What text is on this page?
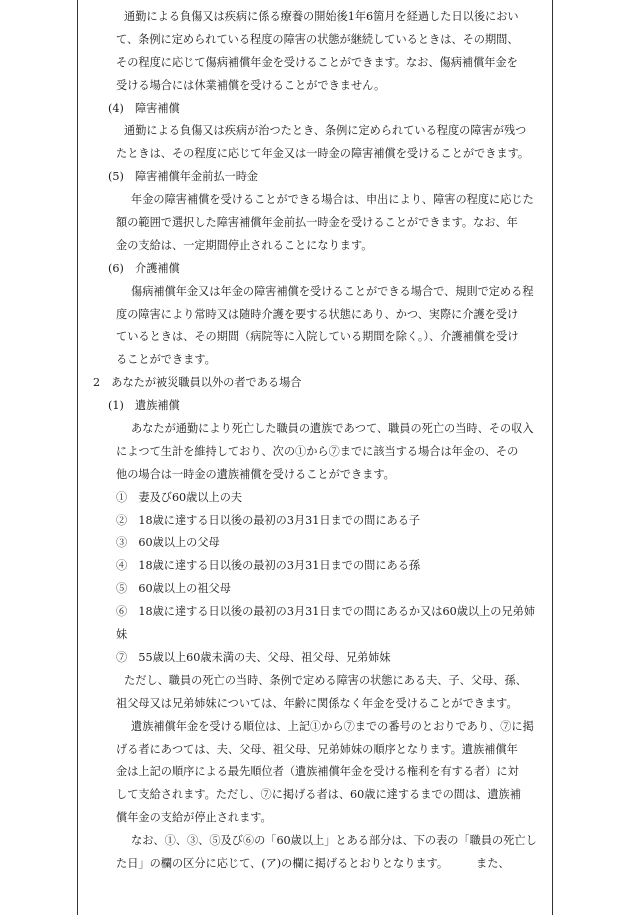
通勤による負傷又は疾病に係る療養の開始後1年6箇月を経過した日以後におい
て、条例に定められている程度の障害の状態が継続しているときは、その期間、
その程度に応じて傷病補償年金を受けることができます。なお、傷病補償年金を
受ける場合には休業補償を受けることができません。
(4)　障害補償
通勤による負傷又は疾病が治つたとき、条例に定められている程度の障害が残つ
たときは、その程度に応じて年金又は一時金の障害補償を受けることができます。
(5)　障害補償年金前払一時金
年金の障害補償を受けることができる場合は、申出により、障害の程度に応じた
額の範囲で選択した障害補償年金前払一時金を受けることができます。なお、年
金の支給は、一定期間停止されることになります。
(6)　介護補償
傷病補償年金又は年金の障害補償を受けることができる場合で、規則で定める程
度の障害により常時又は随時介護を要する状態にあり、かつ、実際に介護を受け
ているときは、その期間（病院等に入院している期間を除く。）、介護補償を受け
ることができます。
2　あなたが被災職員以外の者である場合
(1)　遺族補償
あなたが通勤により死亡した職員の遺族であつて、職員の死亡の当時、その収入
によつて生計を維持しており、次の①から⑦までに該当する場合は年金の、その
他の場合は一時金の遺族補償を受けることができます。
①　妻及び60歳以上の夫
②　18歳に達する日以後の最初の3月31日までの間にある子
③　60歳以上の父母
④　18歳に達する日以後の最初の3月31日までの間にある孫
⑤　60歳以上の祖父母
⑥　18歳に達する日以後の最初の3月31日までの間にあるか又は60歳以上の兄弟姉
妹
⑦　55歳以上60歳未満の夫、父母、祖父母、兄弟姉妹
ただし、職員の死亡の当時、条例で定める障害の状態にある夫、子、父母、孫、
祖父母又は兄弟姉妹については、年齢に関係なく年金を受けることができます。
遺族補償年金を受ける順位は、上記①から⑦までの番号のとおりであり、⑦に掲
げる者にあつては、夫、父母、祖父母、兄弟姉妹の順序となります。遺族補償年
金は上記の順序による最先順位者（遺族補償年金を受ける権利を有する者）に対
して支給されます。ただし、⑦に掲げる者は、60歳に達するまでの間は、遺族補
償年金の支給が停止されます。
なお、①、③、⑤及び⑥の「60歳以上」とある部分は、下の表の「職員の死亡し
た日」の欄の区分に応じて、(ア)の欄に掲げるとおりとなります。　　　また、
